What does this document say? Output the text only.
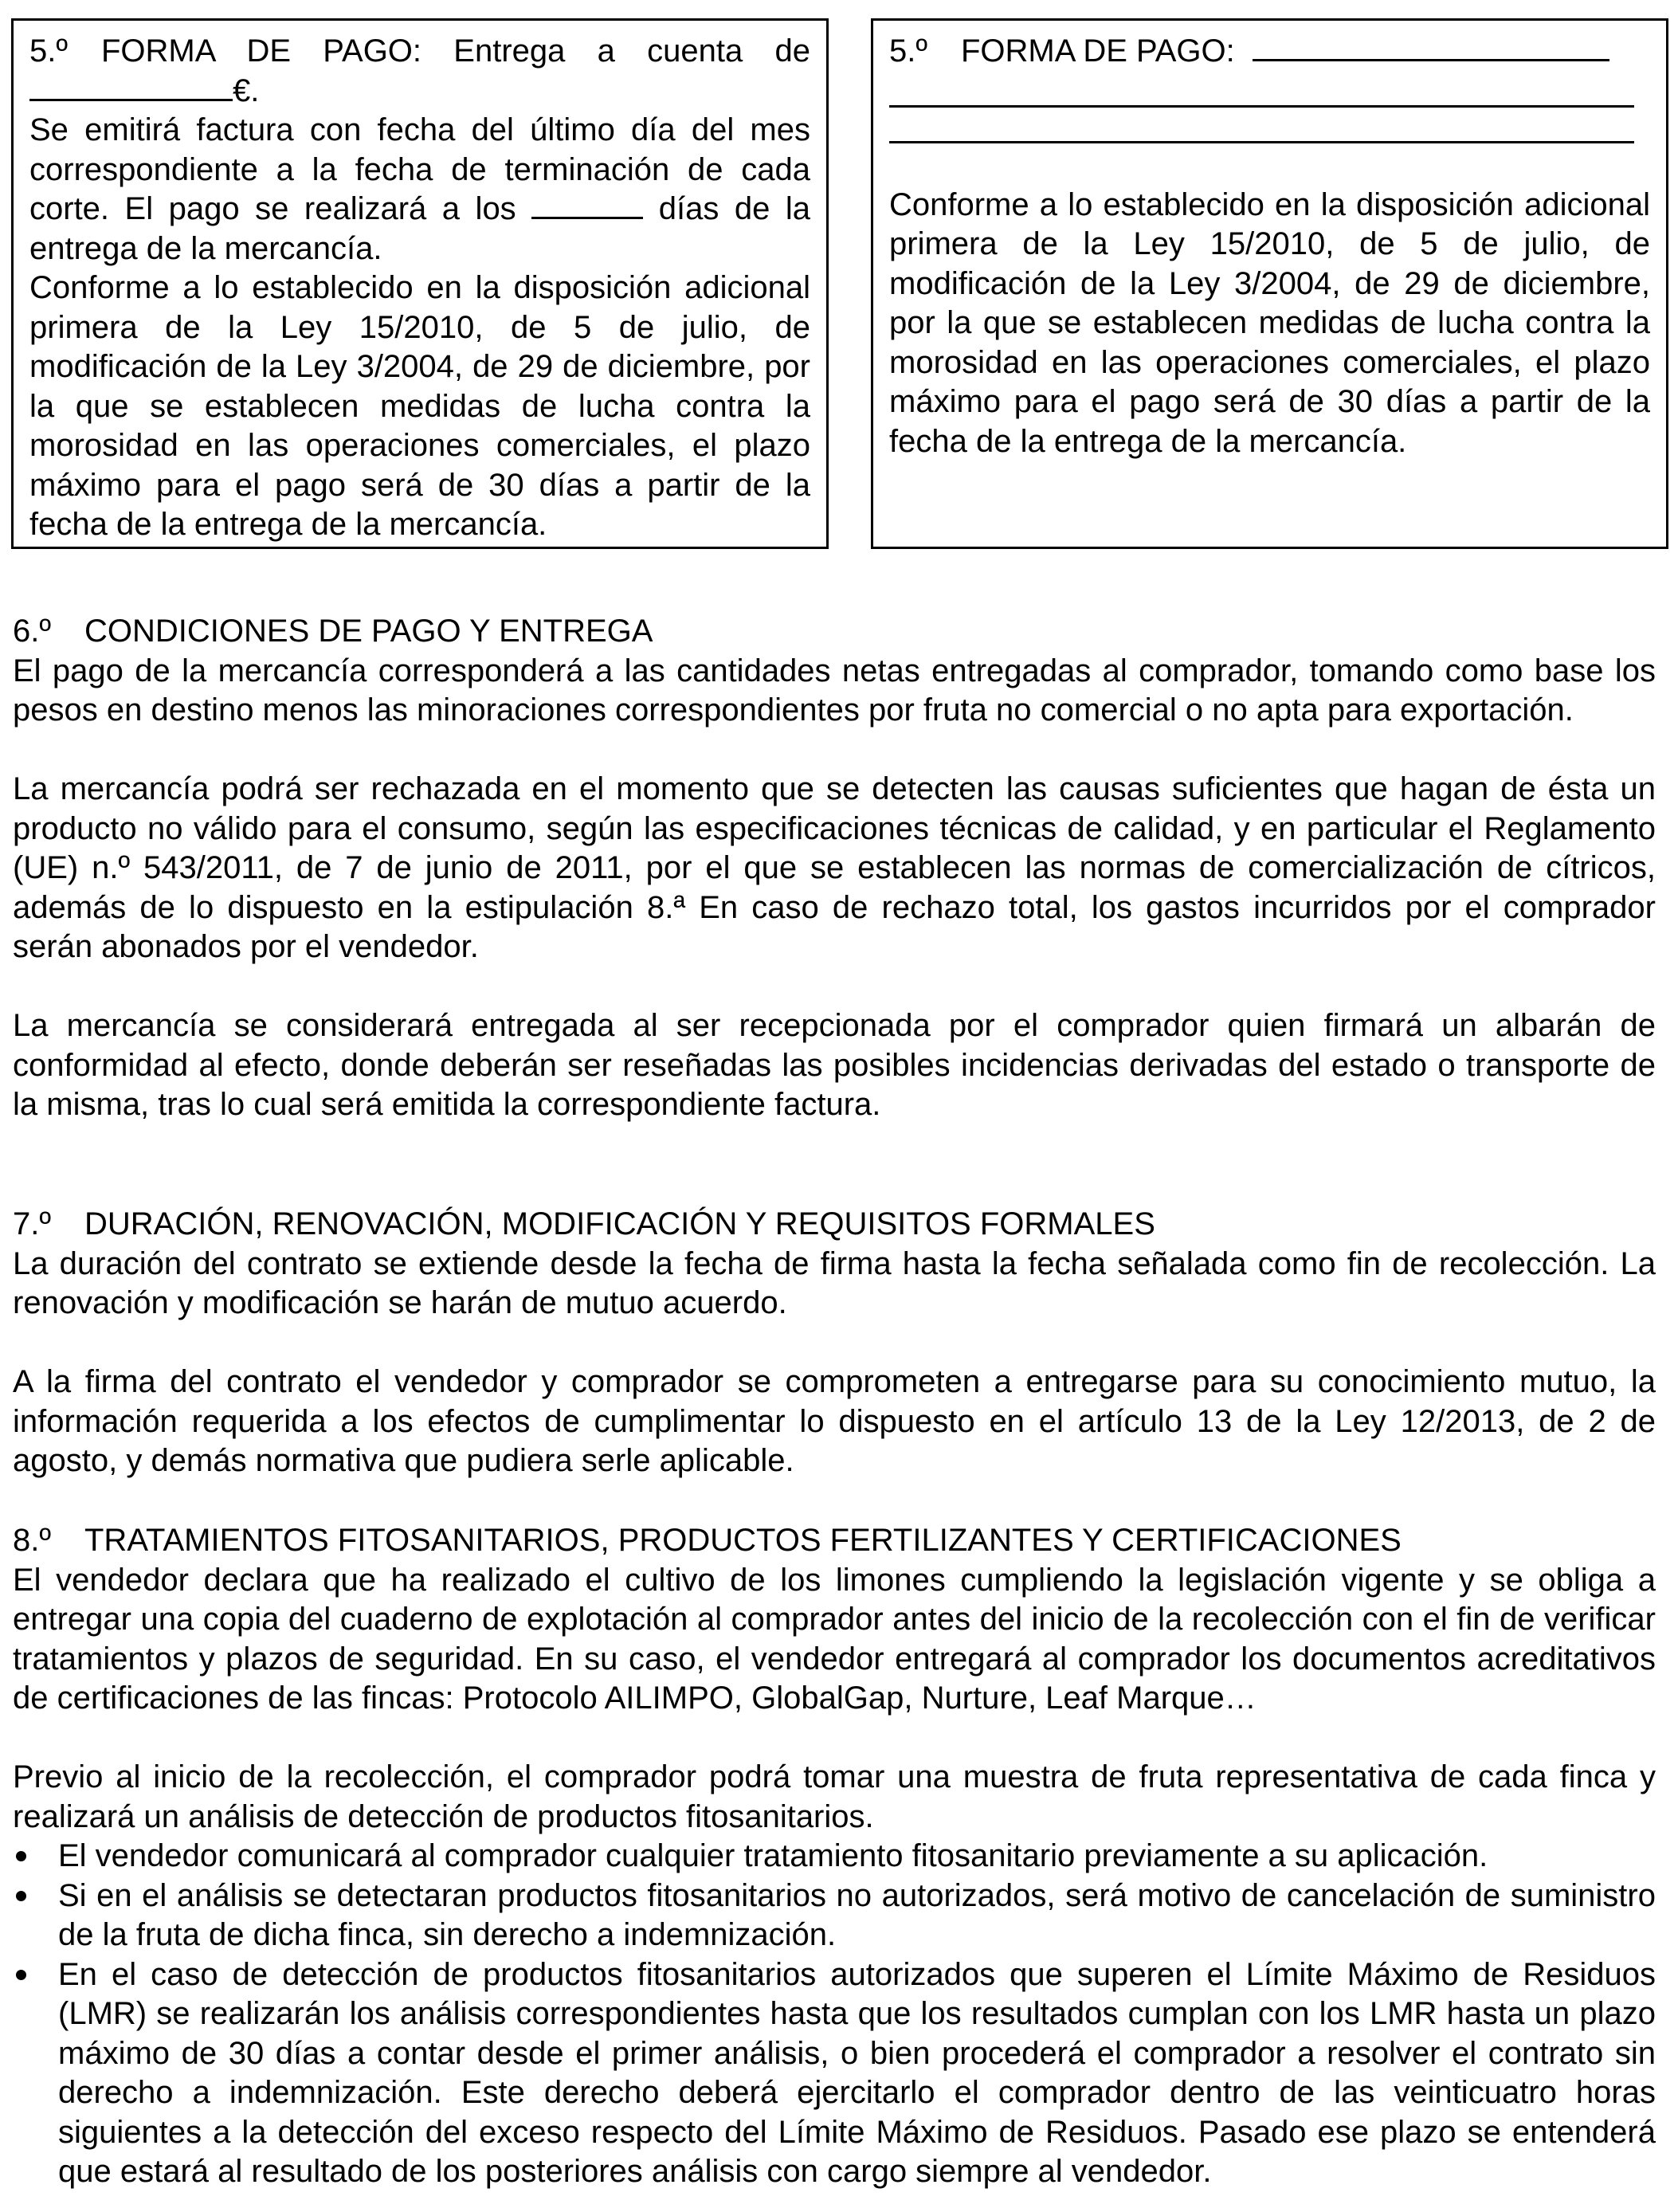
5.º FORMA DE PAGO: Entrega a cuenta de
€.
Se emitirá factura con fecha del último día del mes
correspondiente a la fecha de terminación de cada
corte. El pago se realizará a los	días de la
entrega de la mercancía.
Conforme a lo establecido en la disposición adicional primera de la Ley 15/2010, de 5 de julio, de modificación de la Ley 3/2004, de 29 de diciembre, por la que se establecen medidas de lucha contra la morosidad en las operaciones comerciales, el plazo máximo para el pago será de 30 días a partir de la fecha de la entrega de la mercancía.
5.º	FORMA DE PAGO:
Conforme a lo establecido en la disposición adicional primera de la Ley 15/2010, de 5 de julio, de modificación de la Ley 3/2004, de 29 de diciembre, por la que se establecen medidas de lucha contra la morosidad en las operaciones comerciales, el plazo máximo para el pago será de 30 días a partir de la fecha de la entrega de la mercancía.

6.º CONDICIONES DE PAGO Y ENTREGA

El pago de la mercancía corresponderá a las cantidades netas entregadas al comprador, tomando como base los pesos en destino menos las minoraciones correspondientes por fruta no comercial o no apta para exportación.

La mercancía podrá ser rechazada en el momento que se detecten las causas suficientes que hagan de ésta un producto no válido para el consumo, según las especificaciones técnicas de calidad, y en particular el Reglamento (UE) n.º 543/2011, de 7 de junio de 2011, por el que se establecen las normas de comercialización de cítricos, además de lo dispuesto en la estipulación 8.ª En caso de rechazo total, los gastos incurridos por el comprador serán abonados por el vendedor.

La mercancía se considerará entregada al ser recepcionada por el comprador quien firmará un albarán de conformidad al efecto, donde deberán ser reseñadas las posibles incidencias derivadas del estado o transporte de la misma, tras lo cual será emitida la correspondiente factura.

7.º DURACIÓN, RENOVACIÓN, MODIFICACIÓN Y REQUISITOS FORMALES

La duración del contrato se extiende desde la fecha de firma hasta la fecha señalada como fin de recolección. La renovación y modificación se harán de mutuo acuerdo.

A la firma del contrato el vendedor y comprador se comprometen a entregarse para su conocimiento mutuo, la información requerida a los efectos de cumplimentar lo dispuesto en el artículo 13 de la Ley 12/2013, de 2 de agosto, y demás normativa que pudiera serle aplicable.

8.º TRATAMIENTOS FITOSANITARIOS, PRODUCTOS FERTILIZANTES Y CERTIFICACIONES

El vendedor declara que ha realizado el cultivo de los limones cumpliendo la legislación vigente y se obliga a entregar una copia del cuaderno de explotación al comprador antes del inicio de la recolección con el fin de verificar tratamientos y plazos de seguridad. En su caso, el vendedor entregará al comprador los documentos acreditativos de certificaciones de las fincas: Protocolo AILIMPO, GlobalGap, Nurture, Leaf Marque…

Previo al inicio de la recolección, el comprador podrá tomar una muestra de fruta representativa de cada finca y realizará un análisis de detección de productos fitosanitarios.

El vendedor comunicará al comprador cualquier tratamiento fitosanitario previamente a su aplicación.
Si en el análisis se detectaran productos fitosanitarios no autorizados, será motivo de cancelación de suministro de la fruta de dicha finca, sin derecho a indemnización.
En el caso de detección de productos fitosanitarios autorizados que superen el Límite Máximo de Residuos (LMR) se realizarán los análisis correspondientes hasta que los resultados cumplan con los LMR hasta un plazo máximo de 30 días a contar desde el primer análisis, o bien procederá el comprador a resolver el contrato sin derecho a indemnización. Este derecho deberá ejercitarlo el comprador dentro de las veinticuatro horas siguientes a la detección del exceso respecto del Límite Máximo de Residuos. Pasado ese plazo se entenderá que estará al resultado de los posteriores análisis con cargo siempre al vendedor.
